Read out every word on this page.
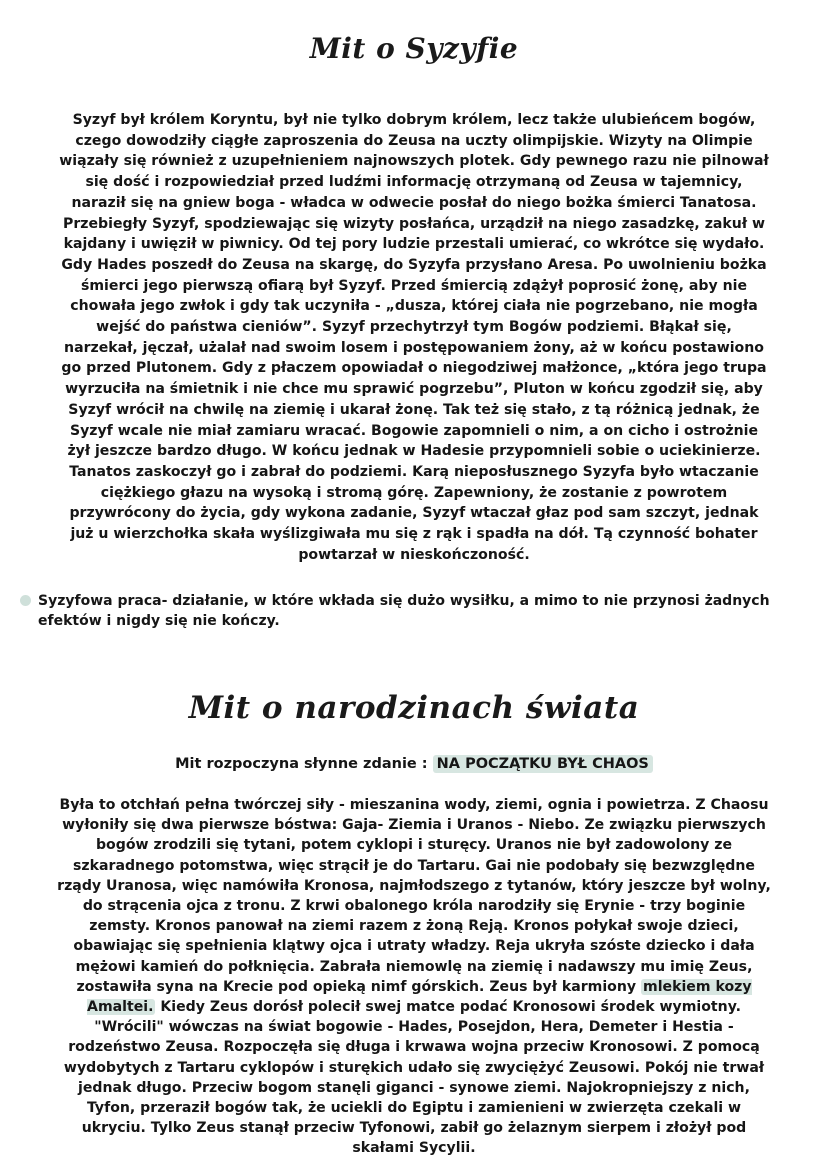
Mit o Syzyfie
Syzyf był królem Koryntu, był nie tylko dobrym królem, lecz także ulubieńcem bogów, czego dowodziły ciągłe zaproszenia do Zeusa na uczty olimpijskie. Wizyty na Olimpie wiązały się również z uzupełnieniem najnowszych plotek. Gdy pewnego razu nie pilnował się dość i rozpowiedział przed ludźmi informację otrzymaną od Zeusa w tajemnicy, naraził się na gniew boga - władca w odwecie posłał do niego bożka śmierci Tanatosa. Przebiegły Syzyf, spodziewając się wizyty posłańca, urządził na niego zasadzkę, zakuł w kajdany i uwięził w piwnicy. Od tej pory ludzie przestali umierać, co wkrótce się wydało. Gdy Hades poszedł do Zeusa na skargę, do Syzyfa przysłano Aresa. Po uwolnieniu bożka śmierci jego pierwszą ofiarą był Syzyf. Przed śmiercią zdążył poprosić żonę, aby nie chowała jego zwłok i gdy tak uczyniła - „dusza, której ciała nie pogrzebano, nie mogła wejść do państwa cieniów”. Syzyf przechytrzył tym Bogów podziemi. Błąkał się, narzekał, jęczał, użalał nad swoim losem i postępowaniem żony, aż w końcu postawiono go przed Plutonem. Gdy z płaczem opowiadał o niegodziwej małżonce, „która jego trupa wyrzuciła na śmietnik i nie chce mu sprawić pogrzebu”, Pluton w końcu zgodził się, aby Syzyf wrócił na chwilę na ziemię i ukarał żonę. Tak też się stało, z tą różnicą jednak, że Syzyf wcale nie miał zamiaru wracać. Bogowie zapomnieli o nim, a on cicho i ostrożnie żył jeszcze bardzo długo. W końcu jednak w Hadesie przypomnieli sobie o uciekinierze. Tanatos zaskoczył go i zabrał do podziemi. Karą nieposłusznego Syzyfa było wtaczanie ciężkiego głazu na wysoką i stromą górę. Zapewniony, że zostanie z powrotem przywrócony do życia, gdy wykona zadanie, Syzyf wtaczał głaz pod sam szczyt, jednak już u wierzchołka skała wyślizgiwała mu się z rąk i spadła na dół. Tą czynność bohater powtarzał w nieskończoność.
Syzyfowa praca- działanie, w które wkłada się dużo wysiłku, a mimo to nie przynosi żadnych efektów i nigdy się nie kończy.
Mit o narodzinach świata
Mit rozpoczyna słynne zdanie : NA POCZĄTKU BYŁ CHAOS
Była to otchłań pełna twórczej siły - mieszanina wody, ziemi, ognia i powietrza. Z Chaosu wyłoniły się dwa pierwsze bóstwa: Gaja- Ziemia i Uranos - Niebo. Ze związku pierwszych bogów zrodzili się tytani, potem cyklopi i sturęcy. Uranos nie był zadowolony ze szkaradnego potomstwa, więc strącił je do Tartaru. Gai nie podobały się bezwzględne rządy Uranosa, więc namówiła Kronosa, najmłodszego z tytanów, który jeszcze był wolny, do strącenia ojca z tronu. Z krwi obalonego króla narodziły się Erynie - trzy boginie zemsty. Kronos panował na ziemi razem z żoną Reją. Kronos połykał swoje dzieci, obawiając się spełnienia klątwy ojca i utraty władzy. Reja ukryła szóste dziecko i dała mężowi kamień do połknięcia. Zabrała niemowlę na ziemię i nadawszy mu imię Zeus, zostawiła syna na Krecie pod opieką nimf górskich. Zeus był karmiony mlekiem kozy Amaltei. Kiedy Zeus dorósł polecił swej matce podać Kronosowi środek wymiotny. "Wrócili" wówczas na świat bogowie - Hades, Posejdon, Hera, Demeter i Hestia - rodzeństwo Zeusa. Rozpoczęła się długa i krwawa wojna przeciw Kronosowi. Z pomocą wydobytych z Tartaru cyklopów i sturękich udało się zwyciężyć Zeusowi. Pokój nie trwał jednak długo. Przeciw bogom stanęli giganci - synowe ziemi. Najokropniejszy z nich, Tyfon, przeraził bogów tak, że uciekli do Egiptu i zamienieni w zwierzęta czekali w ukryciu. Tylko Zeus stanął przeciw Tyfonowi, zabił go żelaznym sierpem i złożył pod skałami Sycylii.
